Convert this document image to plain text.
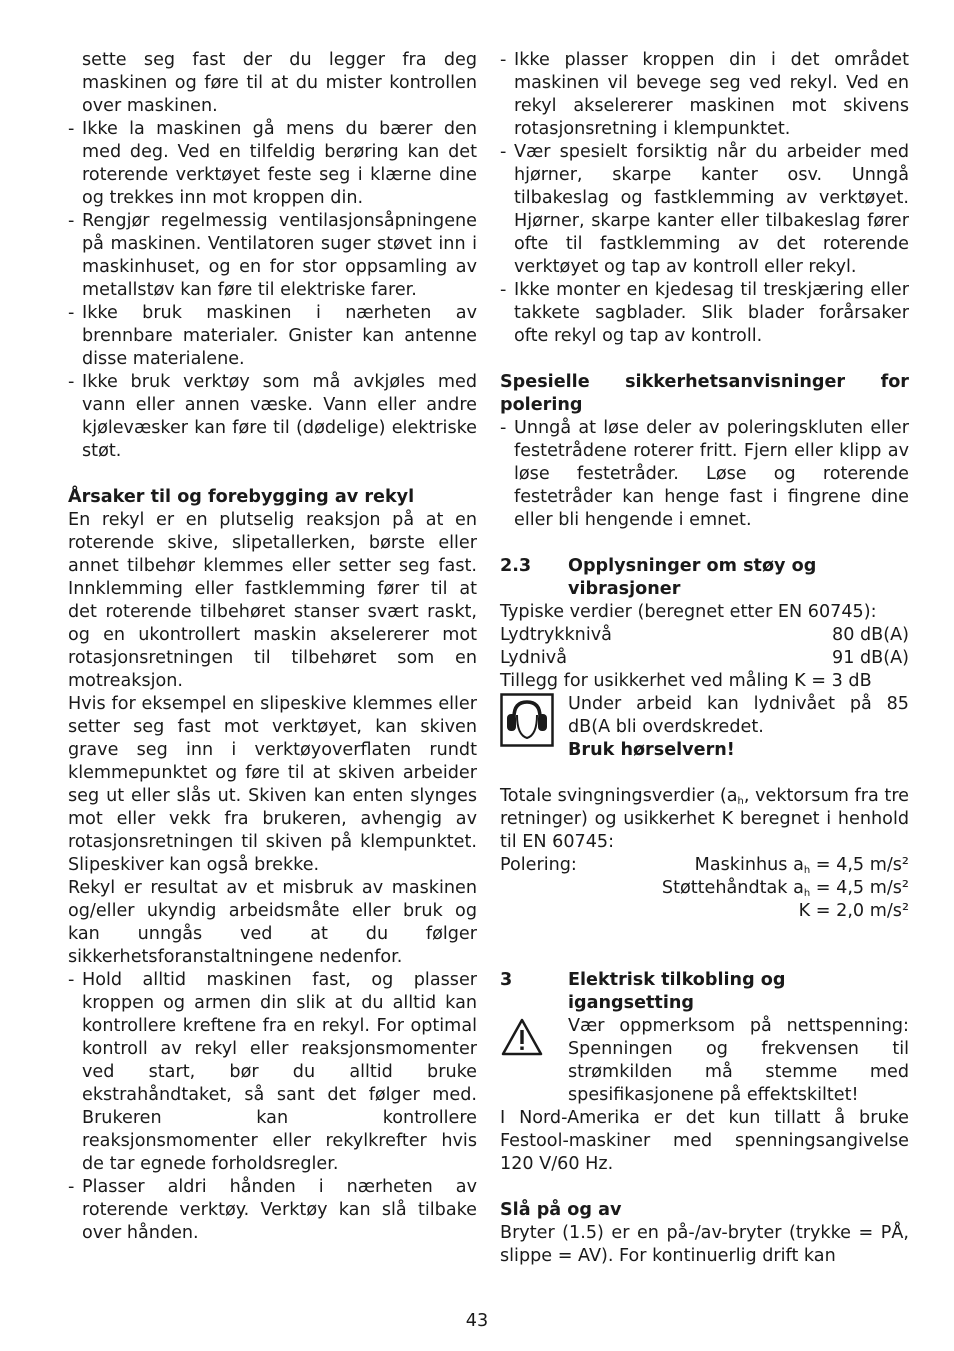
sette seg fast der du legger fra deg maskinen og føre til at du mister kontrollen over maskinen.

- Ikke la maskinen gå mens du bærer den med deg. Ved en tilfeldig berøring kan det roterende verktøyet feste seg i klærne dine og trekkes inn mot kroppen din.

- Rengjør regelmessig ventilasjonsåpningene på maskinen. Ventilatoren suger støvet inn i maskinhuset, og en for stor oppsamling av metallstøv kan føre til elektriske farer.

- Ikke bruk maskinen i nærheten av brennbare materialer. Gnister kan antenne disse materialene.

- Ikke bruk verktøy som må avkjøles med vann eller annen væske. Vann eller andre kjølevæsker kan føre til (dødelige) elektriske støt.

Årsaker til og forebygging av rekyl

En rekyl er en plutselig reaksjon på at en roterende skive, slipetallerken, børste eller annet tilbehør klemmes eller setter seg fast. Innklemming eller fastklemming fører til at det roterende tilbehøret stanser svært raskt, og en ukontrollert maskin akselererer mot rotasjonsretningen til tilbehøret som en motreaksjon.

Hvis for eksempel en slipeskive klemmes eller setter seg fast mot verktøyet, kan skiven grave seg inn i verktøyoverflaten rundt klemmepunktet og føre til at skiven arbeider seg ut eller slås ut. Skiven kan enten slynges mot eller vekk fra brukeren, avhengig av rotasjonsretningen til skiven på klempunktet. Slipeskiver kan også brekke.

Rekyl er resultat av et misbruk av maskinen og/eller ukyndig arbeidsmåte eller bruk og kan unngås ved at du følger sikkerhetsforanstaltningene nedenfor.

- Hold alltid maskinen fast, og plasser kroppen og armen din slik at du alltid kan kontrollere kreftene fra en rekyl. For optimal kontroll av rekyl eller reaksjonsmomenter ved start, bør du alltid bruke ekstrahåndtaket, så sant det følger med. Brukeren kan kontrollere reaksjonsmomenter eller rekylkrefter hvis de tar egnede forholdsregler.

- Plasser aldri hånden i nærheten av roterende verktøy. Verktøy kan slå tilbake over hånden.

- Ikke plasser kroppen din i det området maskinen vil bevege seg ved rekyl. Ved en rekyl akselererer maskinen mot skivens rotasjonsretning i klempunktet.

- Vær spesielt forsiktig når du arbeider med hjørner, skarpe kanter osv. Unngå tilbakeslag og fastklemming av verktøyet. Hjørner, skarpe kanter eller tilbakeslag fører ofte til fastklemming av det roterende verktøyet og tap av kontroll eller rekyl.

- Ikke monter en kjedesag til treskjæring eller takkete sagblader. Slik blader forårsaker ofte rekyl og tap av kontroll.

Spesielle sikkerhetsanvisninger for polering

- Unngå at løse deler av poleringskluten eller festetrådene roterer fritt. Fjern eller klipp av løse festetråder. Løse og roterende festetråder kan henge fast i fingrene dine eller bli hengende i emnet.

2.3	Opplysninger om støy og vibrasjoner

Typiske verdier (beregnet etter EN 60745):

Lydtrykknivå	80 dB(A)
Lydnivå	91 dB(A)

Tillegg for usikkerhet ved måling K = 3 dB

Under arbeid kan lydnivået på 85 dB(A bli overdskredet.
Bruk hørselvern!

Totale svingningsverdier ($a_h$, vektorsum fra tre retninger) og usikkerhet K beregnet i henhold til EN 60745:

Polering:	Maskinhus $a_h = 4,5$ m/s²
Støttehåndtak $a_h = 4,5$ m/s²
K = 2,0 m/s²
3	Elektrisk tilkobling og igangsetting
Vær oppmerksom på nettspenning: Spenningen og frekvensen til strømkilden må stemme med spesifikasjonene på effektskiltet!

I Nord-Amerika er det kun tillatt å bruke Festool-maskiner med spenningsangivelse 120 V/60 Hz.

Slå på og av

Bryter (1.5) er en på-/av-bryter (trykke = PÅ, slippe = AV). For kontinuerlig drift kan

43
